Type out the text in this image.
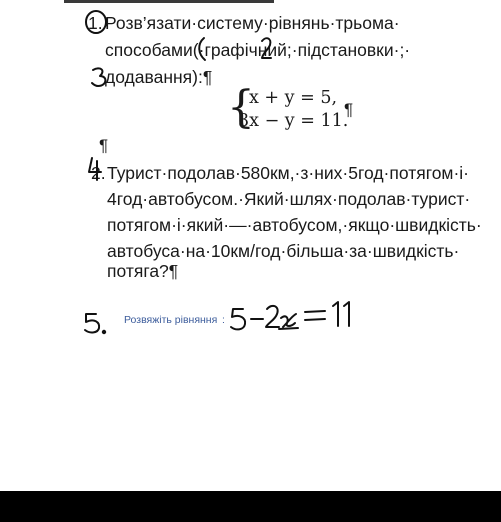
1. Розв’язати·систему·рівнянь·трьома·
способами(·графічний;·підстановки·;·
додавання):¶
{
x + y = 5,
3x − y = 11.
¶
¶
2. Турист·подолав·580км,·з·них·5год·потягом·і·
4год·автобусом.·Який·шлях·подолав·турист·
потягом·і·який·—·автобусом,·якщо·швидкість·
автобуса·на·10км/год·більша·за·швидкість·
потяга?¶
Розвяжіть рівняння :
